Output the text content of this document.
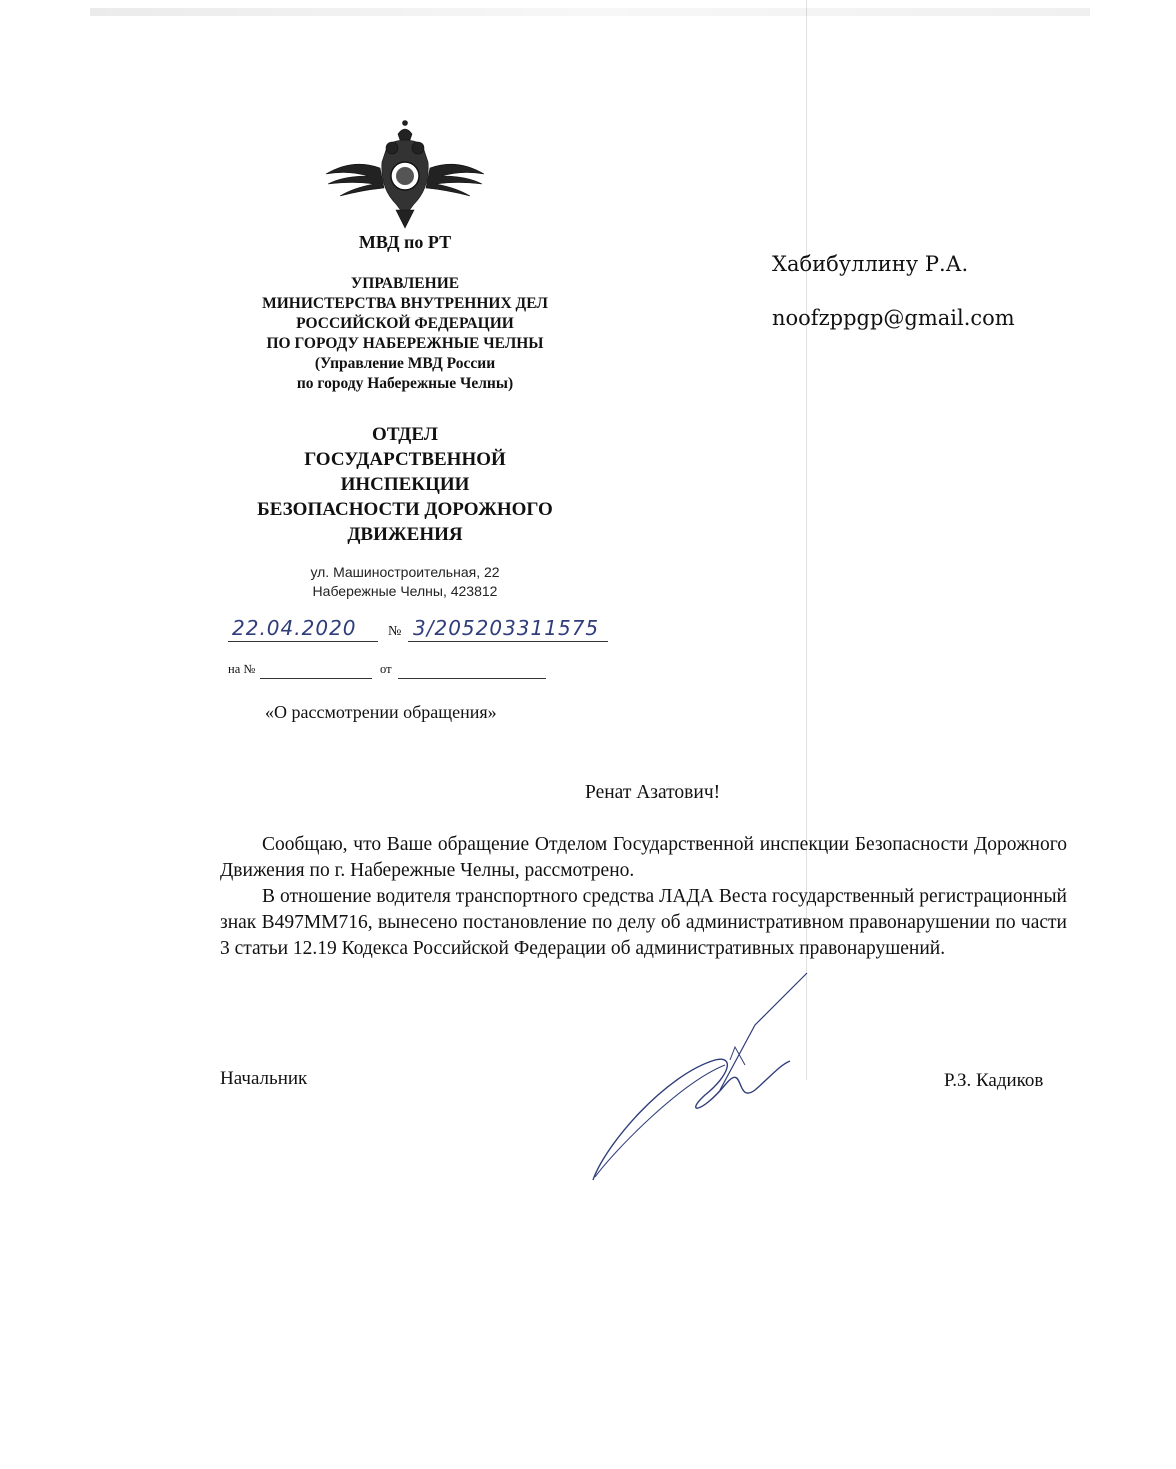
МВД по РТ
УПРАВЛЕНИЕ
МИНИСТЕРСТВА ВНУТРЕННИХ ДЕЛ
РОССИЙСКОЙ ФЕДЕРАЦИИ
ПО ГОРОДУ НАБЕРЕЖНЫЕ ЧЕЛНЫ
(Управление МВД России
по городу Набережные Челны)
ОТДЕЛ
ГОСУДАРСТВЕННОЙ
ИНСПЕКЦИИ
БЕЗОПАСНОСТИ ДОРОЖНОГО
ДВИЖЕНИЯ
ул. Машиностроительная, 22
Набережные Челны, 423812
22.04.2020 № 3/205203311575
на №	от
«О рассмотрении обращения»
Хабибуллину Р.А.
noofzppgp@gmail.com
Ренат Азатович!

Сообщаю, что Ваше обращение Отделом Государственной инспекции Безопасности Дорожного Движения по г. Набережные Челны, рассмотрено.

В отношение водителя транспортного средства ЛАДА Веста государственный регистрационный знак В497ММ716, вынесено постановление по делу об административном правонарушении по части 3 статьи 12.19 Кодекса Российской Федерации об административных правонарушений.

Начальник	Р.З. Кадиков
